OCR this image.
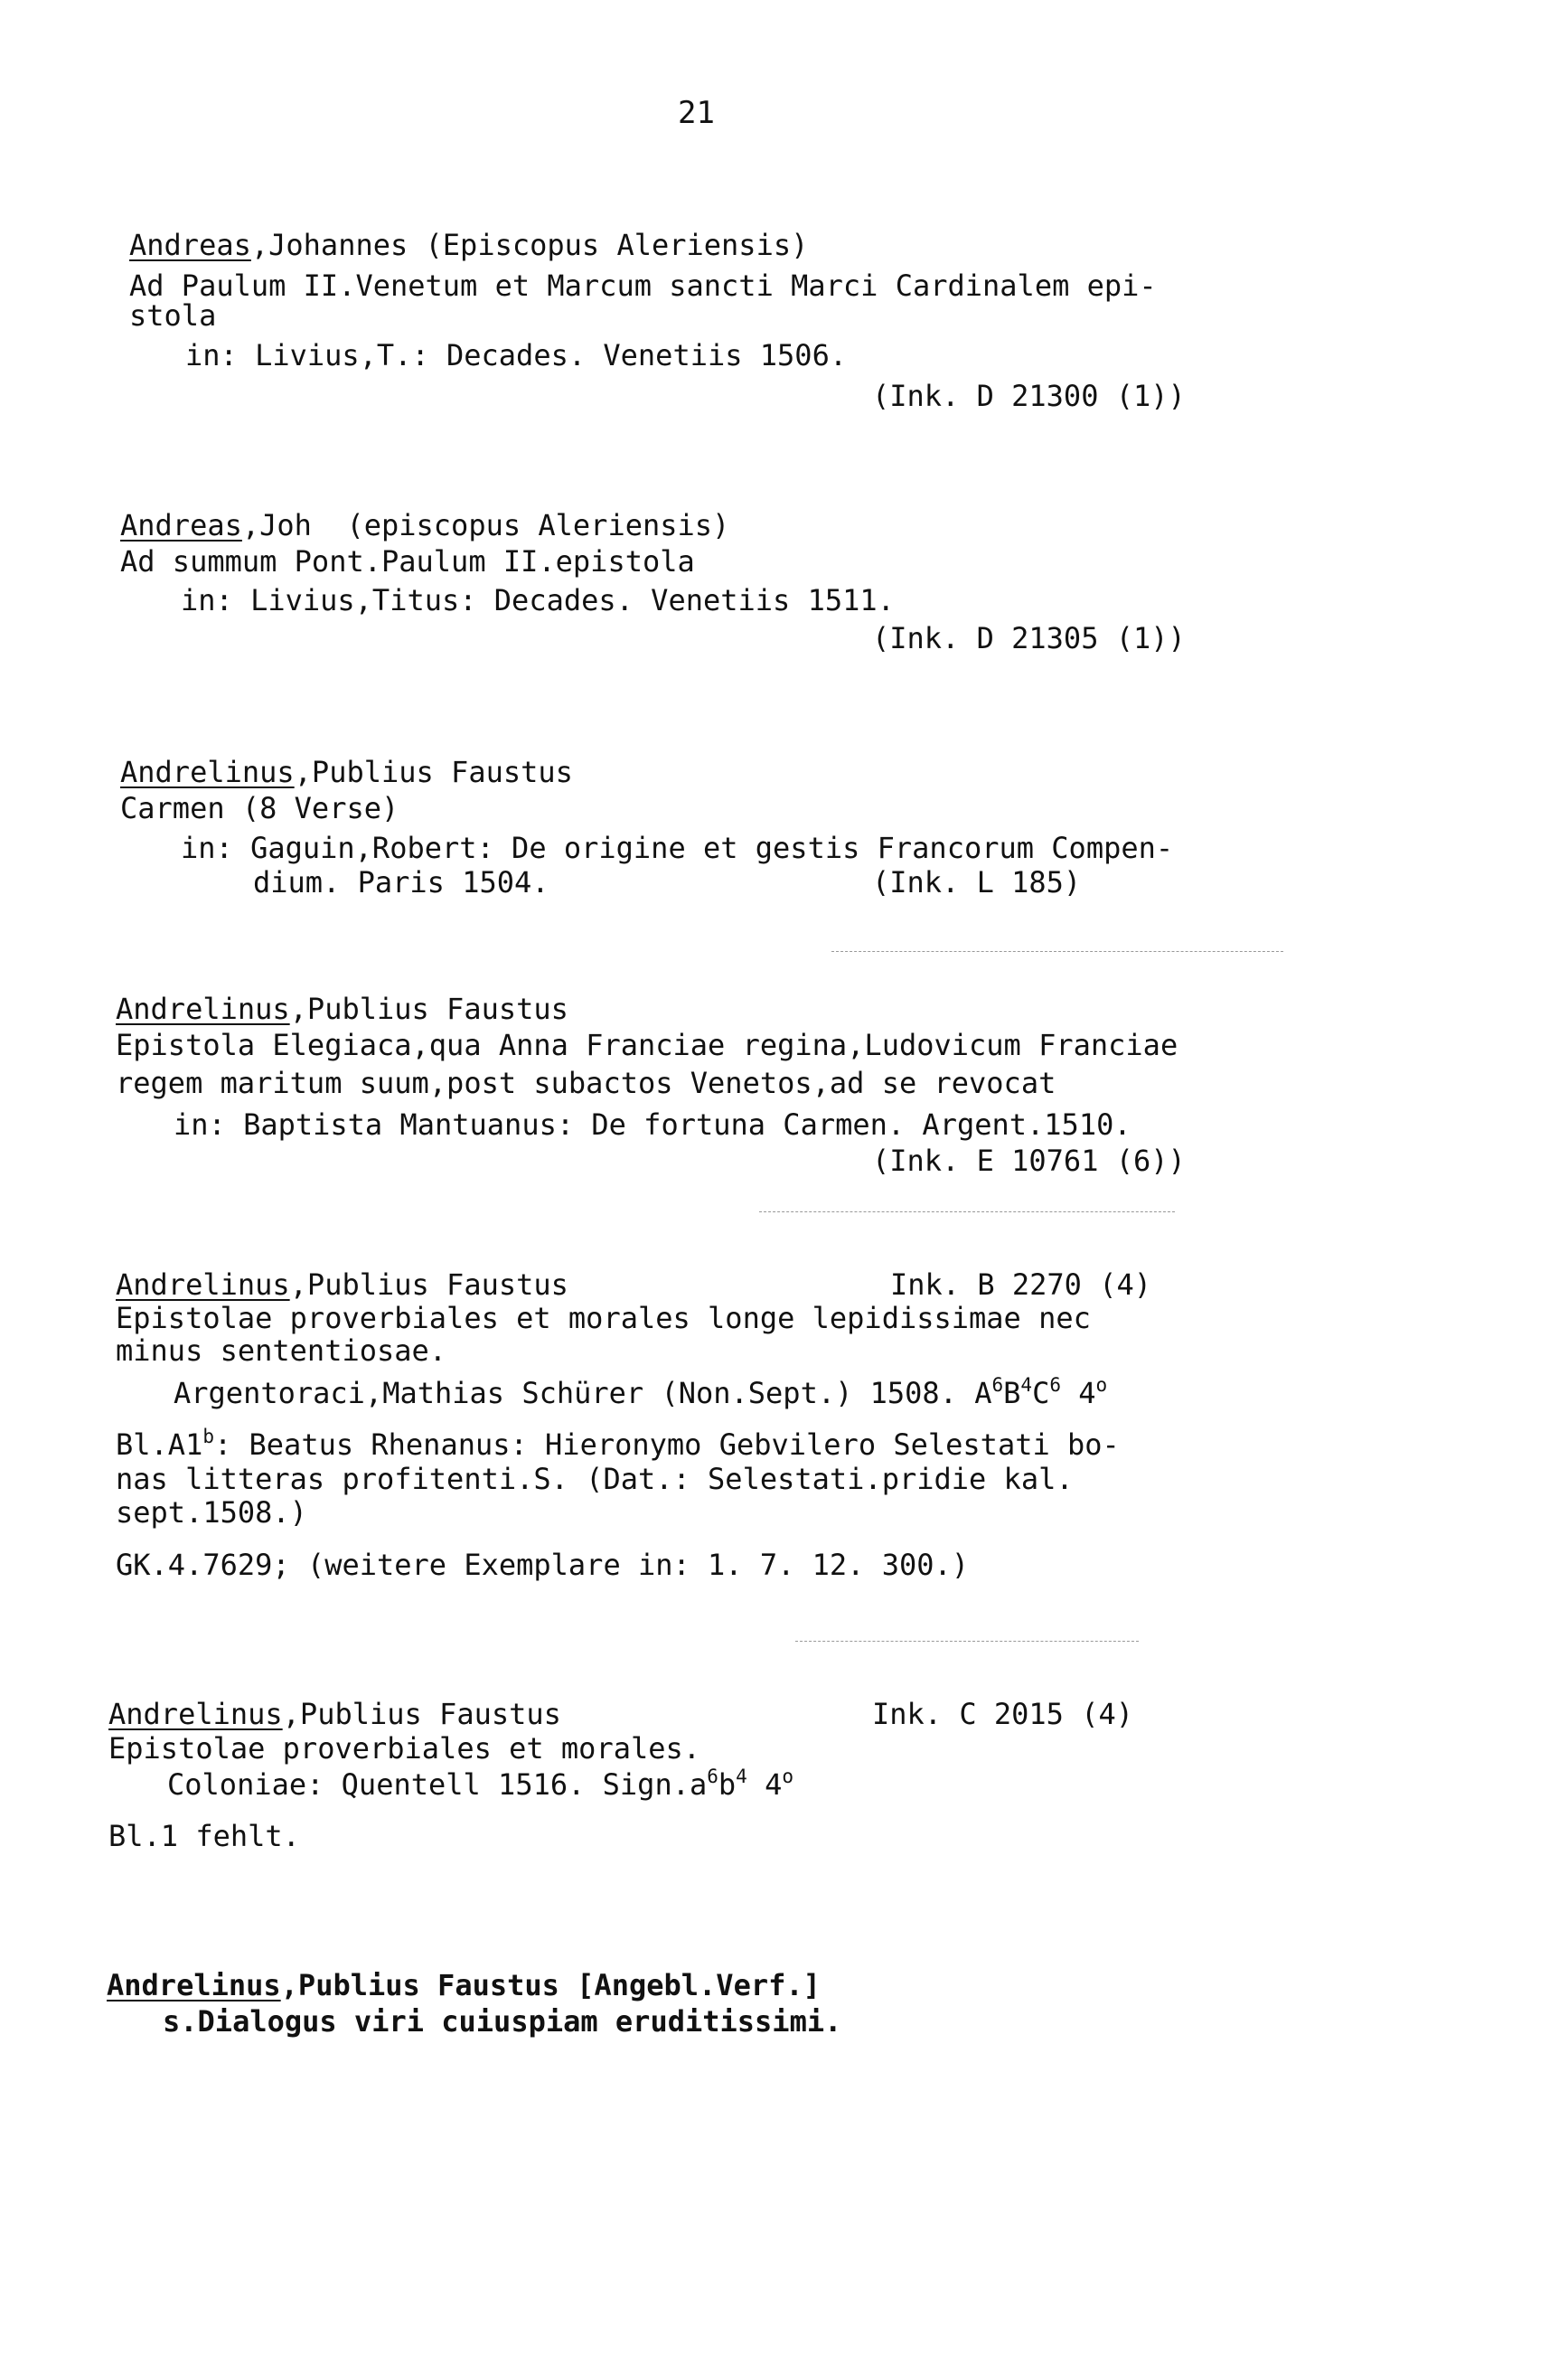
21
Andreas,Johannes (Episcopus Aleriensis)
Ad Paulum II.Venetum et Marcum sancti Marci Cardinalem epi-
stola
in: Livius,T.: Decades. Venetiis 1506.
(Ink. D 21300 (1))
Andreas,Joh  (episcopus Aleriensis)
Ad summum Pont.Paulum II.epistola
in: Livius,Titus: Decades. Venetiis 1511.
(Ink. D 21305 (1))
Andrelinus,Publius Faustus
Carmen (8 Verse)
in: Gaguin,Robert: De origine et gestis Francorum Compen-
dium. Paris 1504.	(Ink. L 185)
Andrelinus,Publius Faustus
Epistola Elegiaca,qua Anna Franciae regina,Ludovicum Franciae
regem maritum suum,post subactos Venetos,ad se revocat
in: Baptista Mantuanus: De fortuna Carmen. Argent.1510.
(Ink. E 10761 (6))
Andrelinus,Publius Faustus	Ink. B 2270 (4)
Epistolae proverbiales et morales longe lepidissimae nec
minus sententiosae.
Argentoraci,Mathias Schürer (Non.Sept.) 1508. $A^6B^4C^6$ 4$^o$
Bl.A1$^b$: Beatus Rhenanus: Hieronymo Gebvilero Selestati bo-
nas litteras profitenti.S. (Dat.: Selestati.pridie kal.
sept.1508.)
GK.4.7629; (weitere Exemplare in: 1. 7. 12. 300.)
Andrelinus,Publius Faustus	Ink. C 2015 (4)
Epistolae proverbiales et morales.
Coloniae: Quentell 1516. $Sign.a^6b^4$ 4$^o$
Bl.1 fehlt.
Andrelinus,Publius Faustus [Angebl.Verf.]
s.Dialogus viri cuiuspiam eruditissimi.
